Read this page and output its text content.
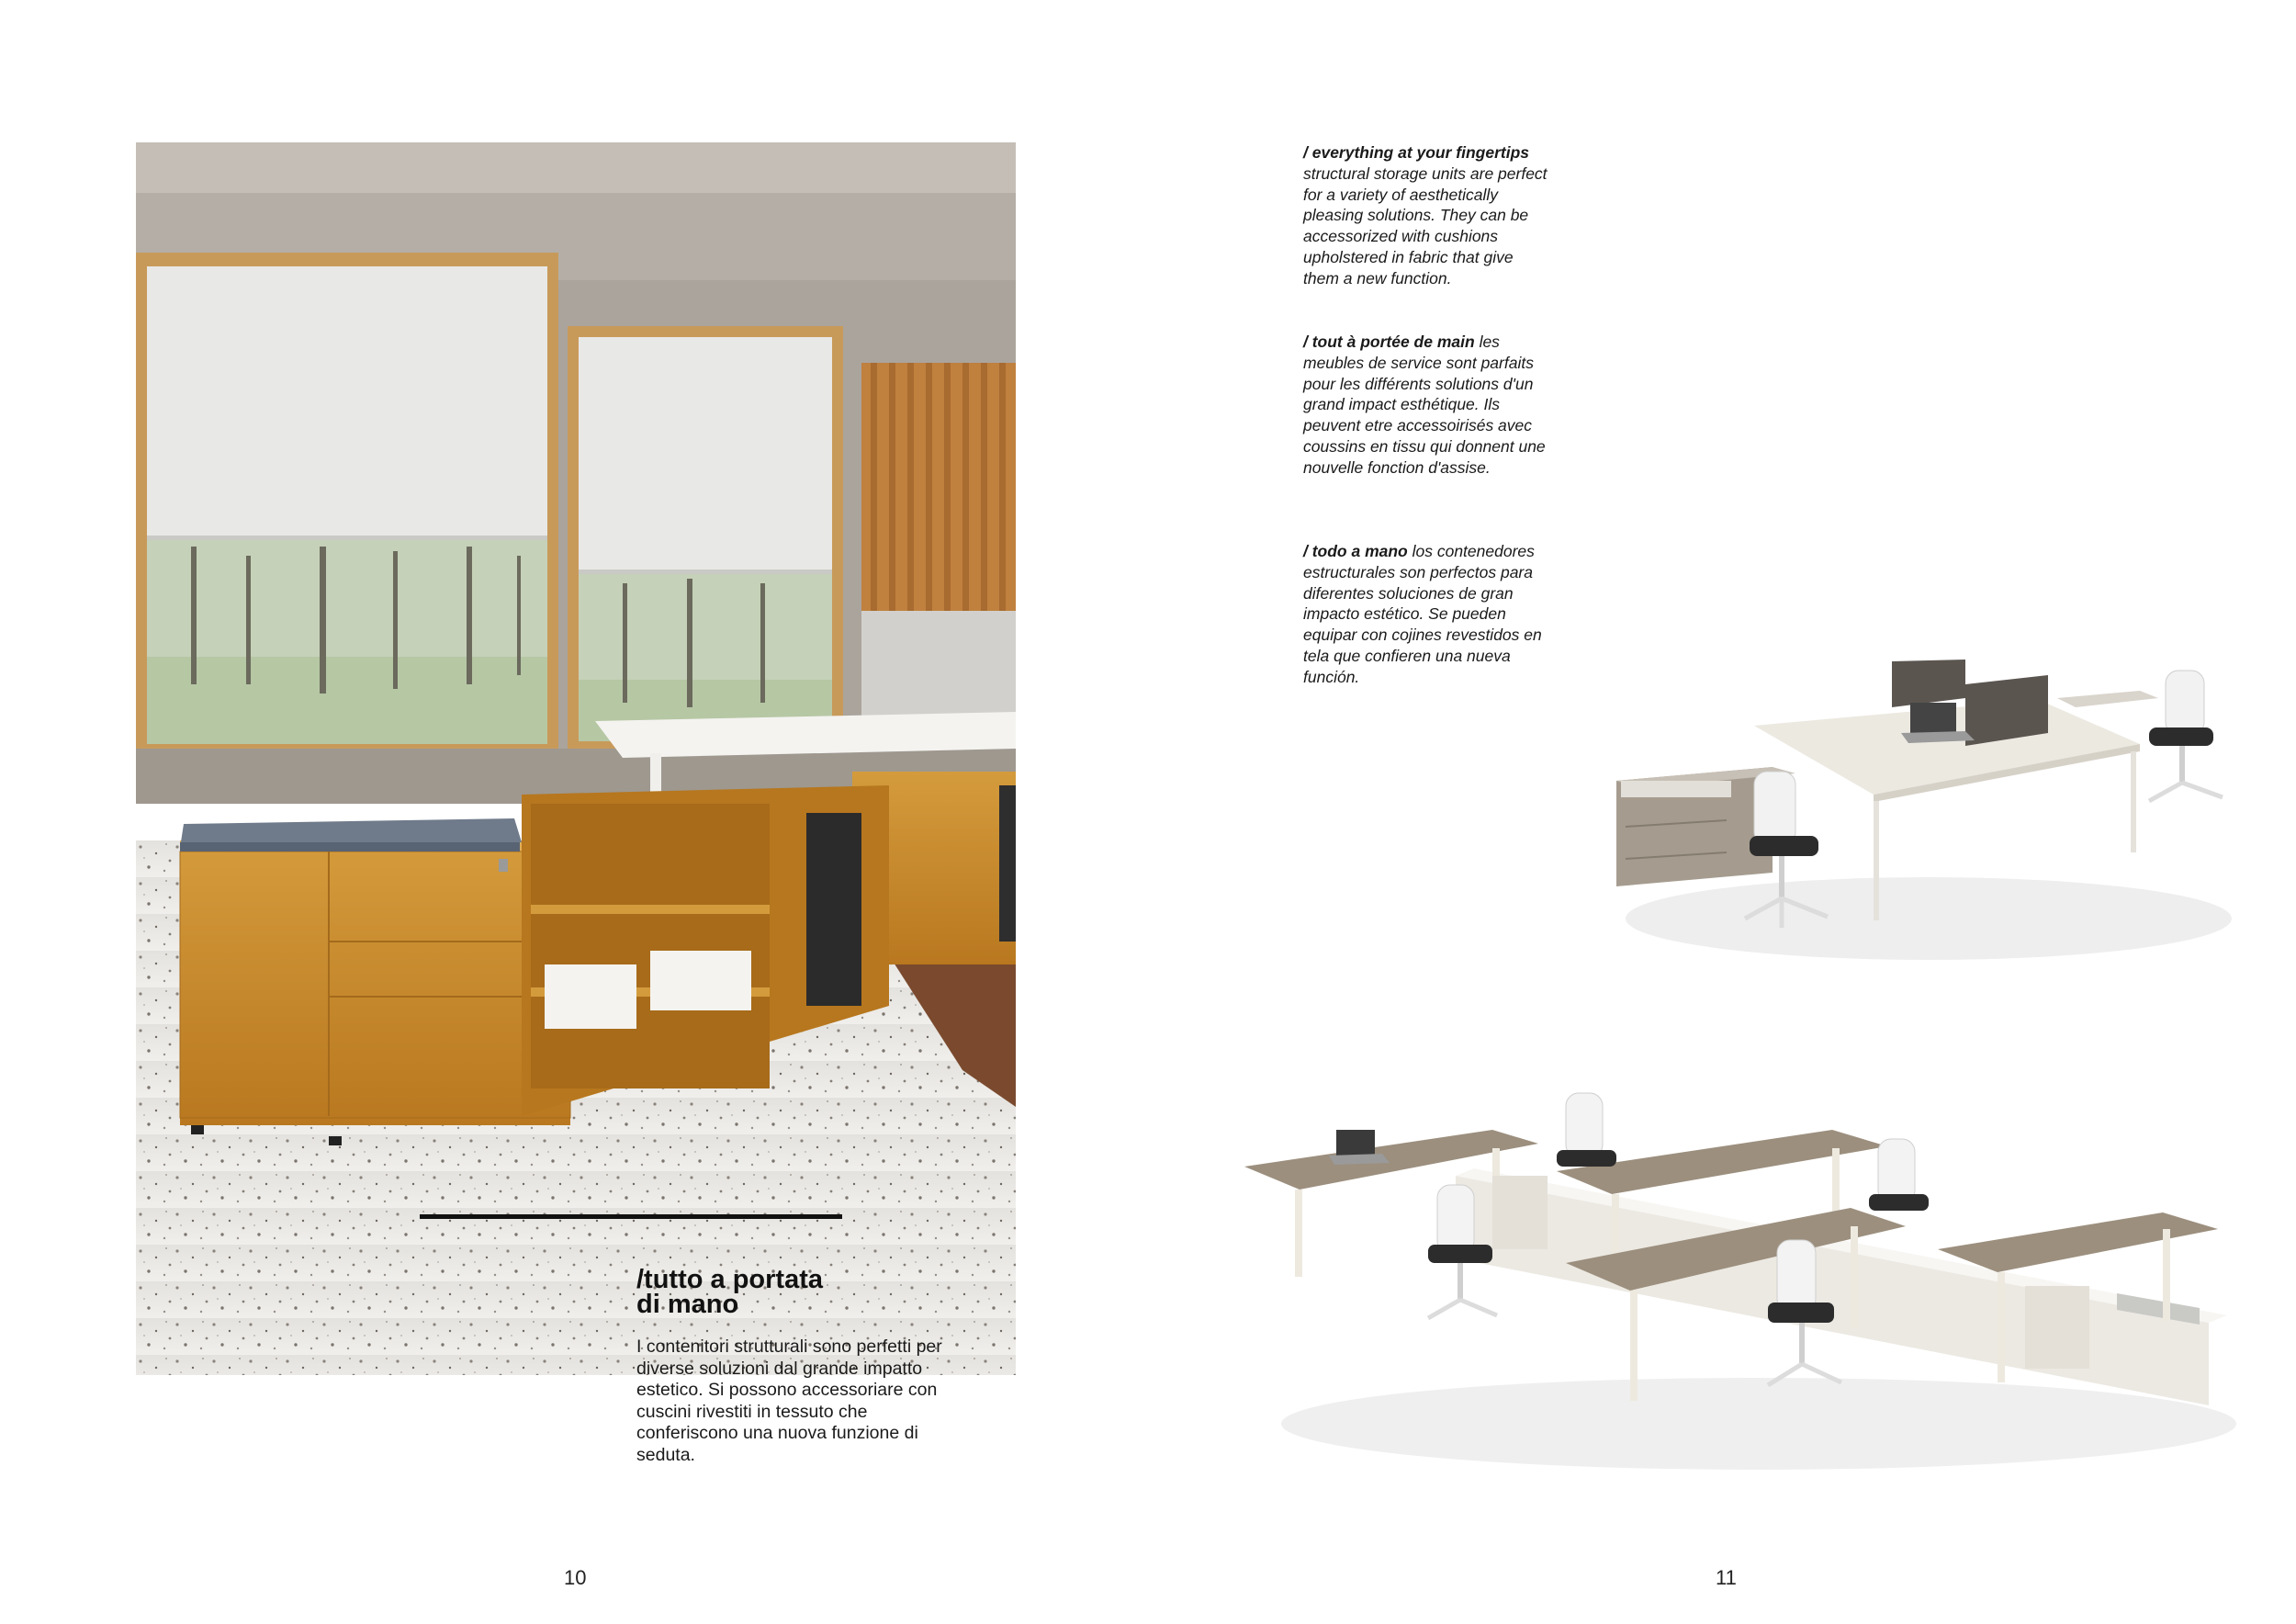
/tutto a portata
di mano
I contenitori strutturali sono perfetti per diverse soluzioni dal grande impatto estetico. Si possono accessoriare con cuscini rivestiti in tessuto che conferiscono una nuova funzione di seduta.
/ everything at your fingertips structural storage units are perfect for a variety of aesthetically pleasing solutions. They can be accessorized with cushions upholstered in fabric that give them a new function.
/ tout à portée de main les meubles de service sont parfaits pour les différents solutions d'un grand impact esthétique. Ils peuvent etre accessoirisés avec coussins en tissu qui donnent une nouvelle fonction d'assise.
/ todo a mano los contenedores estructurales son perfectos para diferentes soluciones de gran impacto estético. Se pueden equipar con cojines revestidos en tela que confieren una nueva función.
10	11
